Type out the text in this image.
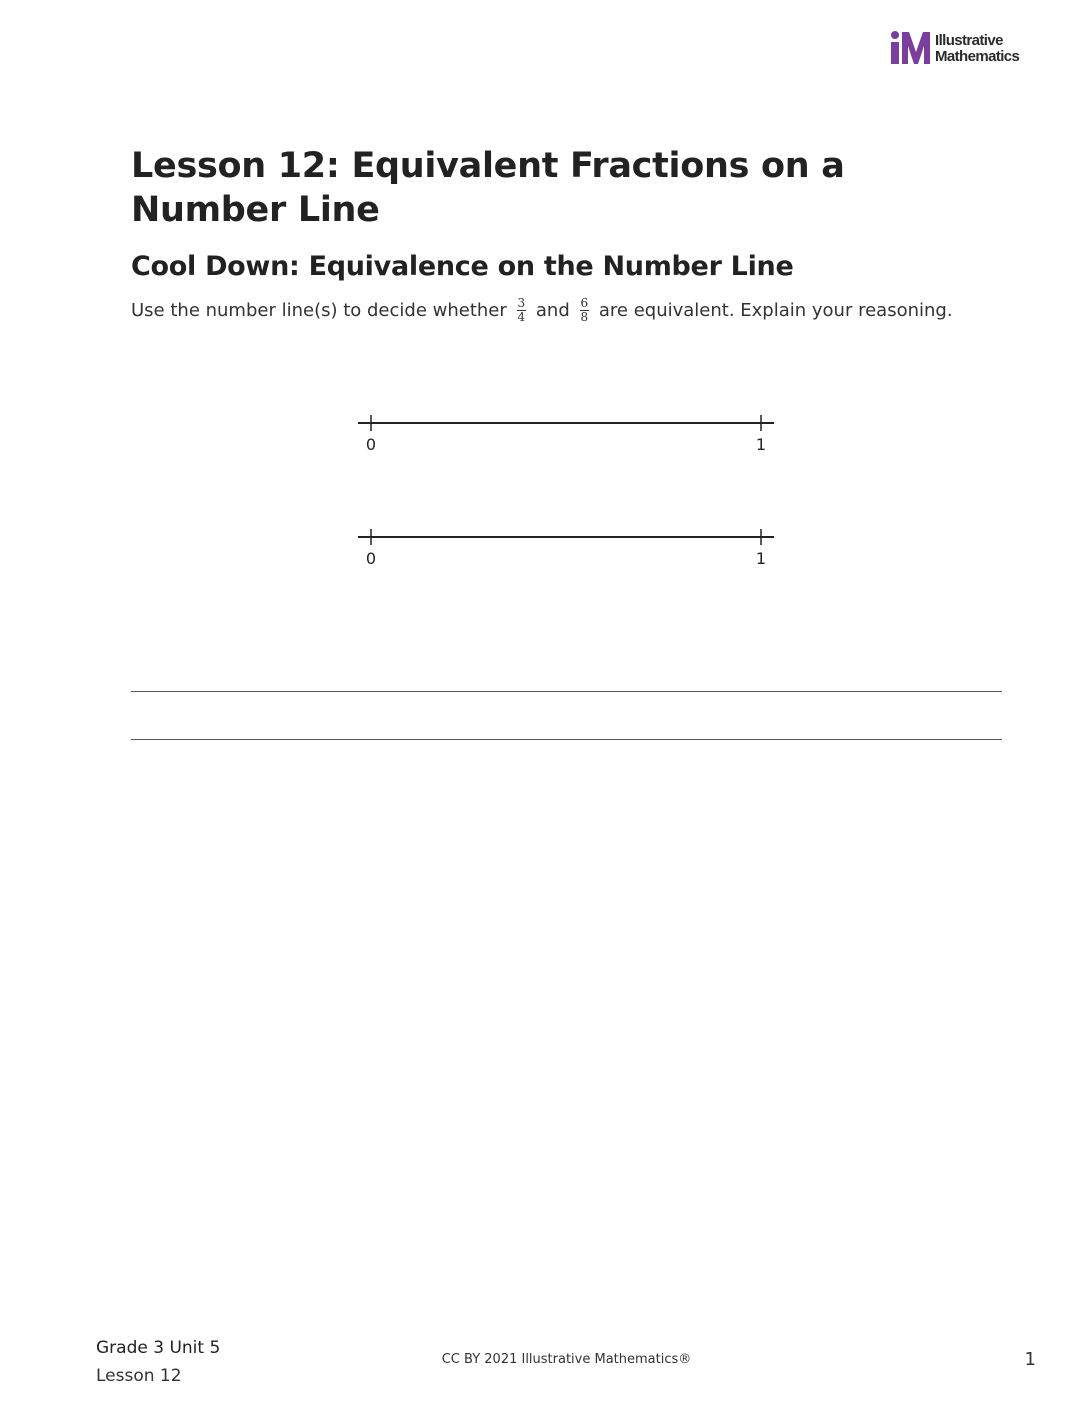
Illustrative
Mathematics
Lesson 12: Equivalent Fractions on a Number Line
Cool Down: Equivalence on the Number Line
Use the number line(s) to decide whether $\frac{3}{4}$ and $\frac{6}{8}$ are equivalent. Explain your reasoning.
0	1
0	1
Grade 3 Unit 5
Lesson 12
CC BY 2021 Illustrative Mathematics®	1
